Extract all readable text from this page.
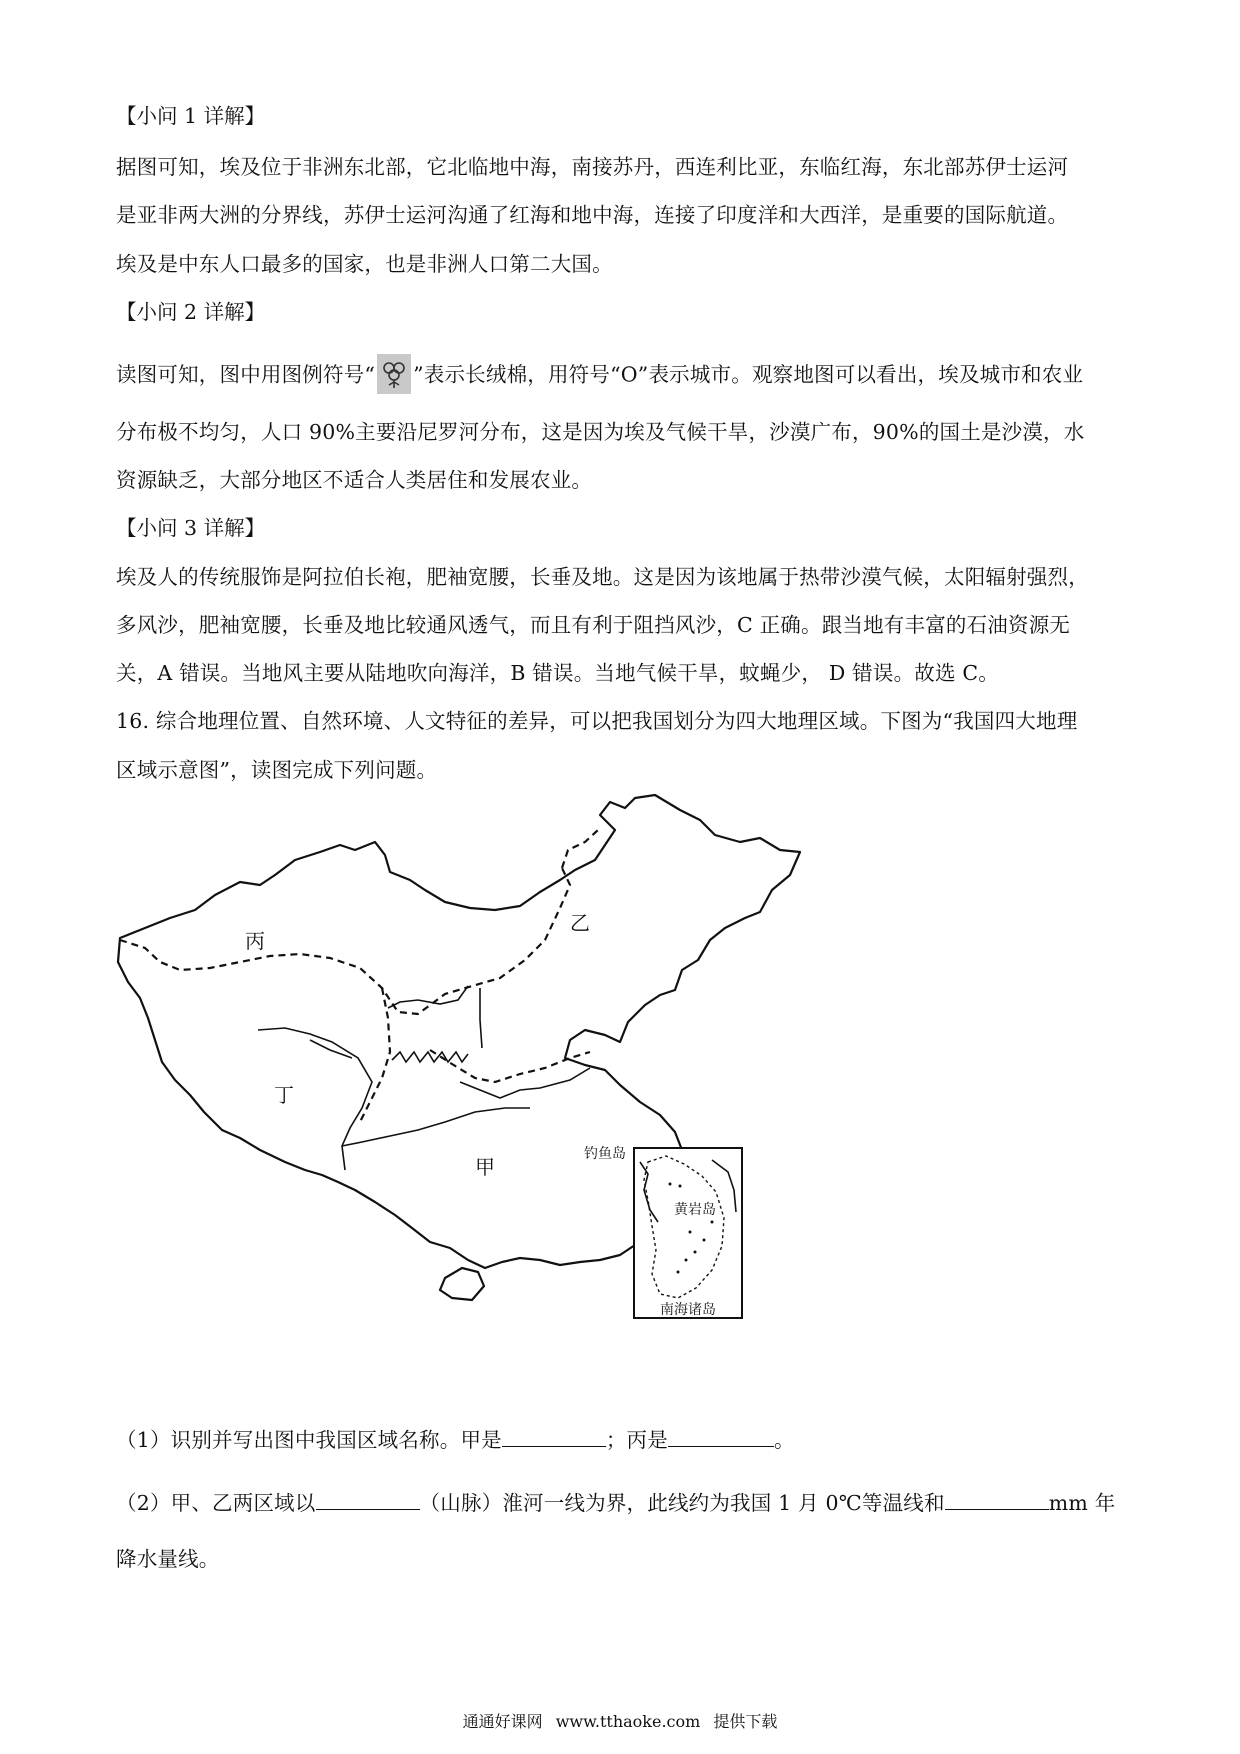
【小问 1 详解】
据图可知，埃及位于非洲东北部，它北临地中海，南接苏丹，西连利比亚，东临红海，东北部苏伊士运河
是亚非两大洲的分界线，苏伊士运河沟通了红海和地中海，连接了印度洋和大西洋，是重要的国际航道。
埃及是中东人口最多的国家，也是非洲人口第二大国。
【小问 2 详解】
读图可知，图中用图例符号“ ”表示长绒棉，用符号“O”表示城市。观察地图可以看出，埃及城市和农业
分布极不均匀，人口 90%主要沿尼罗河分布，这是因为埃及气候干旱，沙漠广布，90%的国土是沙漠，水
资源缺乏，大部分地区不适合人类居住和发展农业。
【小问 3 详解】
埃及人的传统服饰是阿拉伯长袍，肥袖宽腰，长垂及地。这是因为该地属于热带沙漠气候，太阳辐射强烈，
多风沙，肥袖宽腰，长垂及地比较通风透气，而且有利于阻挡风沙，C 正确。跟当地有丰富的石油资源无
关，A 错误。当地风主要从陆地吹向海洋，B 错误。当地气候干旱，蚊蝇少， D 错误。故选 C。
16. 综合地理位置、自然环境、人文特征的差异，可以把我国划分为四大地理区域。下图为“我国四大地理
区域示意图”，读图完成下列问题。
丙
乙
丁
甲
钓鱼岛
黄岩岛
南海诸岛
（1）识别并写出图中我国区域名称。甲是	；丙是	。
（2）甲、乙两区域以	（山脉）淮河一线为界，此线约为我国 1 月 0℃等温线和	mm 年
降水量线。
通通好课网 www.tthaoke.com 提供下载
